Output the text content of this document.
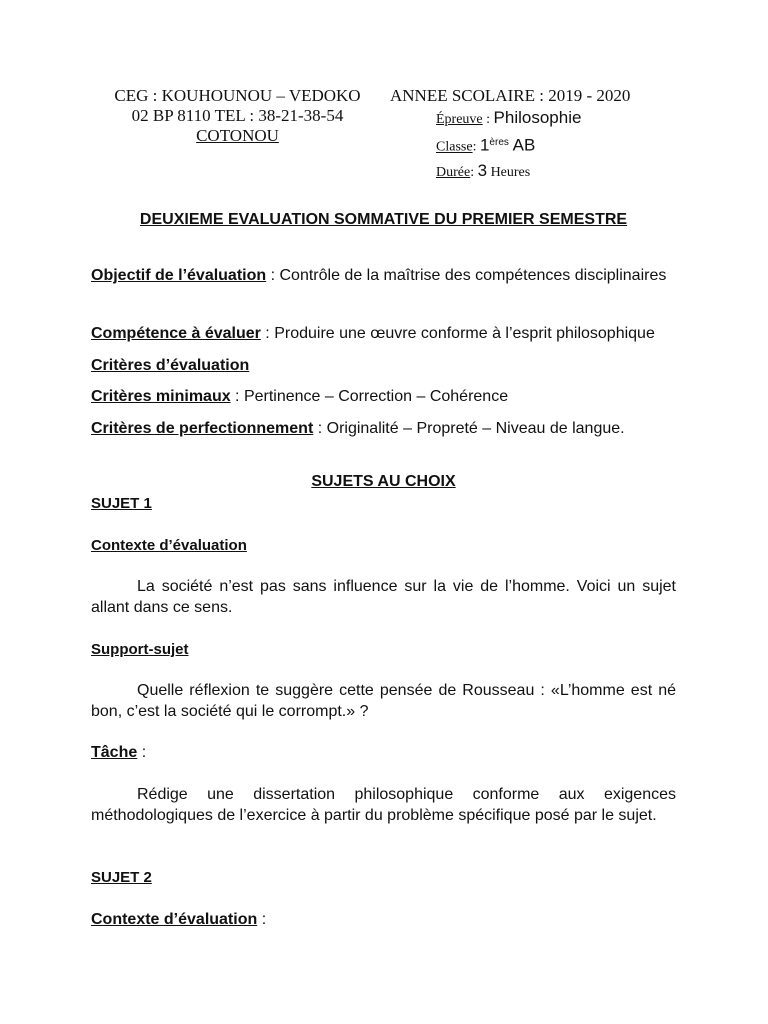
CEG : KOUHOUNOU – VEDOKO
02 BP 8110 TEL : 38-21-38-54
COTONOU
ANNEE SCOLAIRE : 2019 - 2020
Épreuve : Philosophie
Classe: 1ères AB
Durée: 3 Heures
DEUXIEME EVALUATION SOMMATIVE DU PREMIER SEMESTRE
Objectif de l’évaluation : Contrôle de la maîtrise des compétences disciplinaires
Compétence à évaluer : Produire une œuvre conforme à l’esprit philosophique
Critères d’évaluation
Critères minimaux : Pertinence – Correction – Cohérence
Critères de perfectionnement : Originalité – Propreté – Niveau de langue.
SUJETS AU CHOIX
SUJET 1
Contexte d’évaluation
La société n’est pas sans influence sur la vie de l’homme. Voici un sujet allant dans ce sens.
Support-sujet
Quelle réflexion te suggère cette pensée de Rousseau : «L’homme est né bon, c’est la société qui le corrompt.» ?
Tâche :
Rédige une dissertation philosophique conforme aux exigences méthodologiques de l’exercice à partir du problème spécifique posé par le sujet.
SUJET 2
Contexte d’évaluation :
